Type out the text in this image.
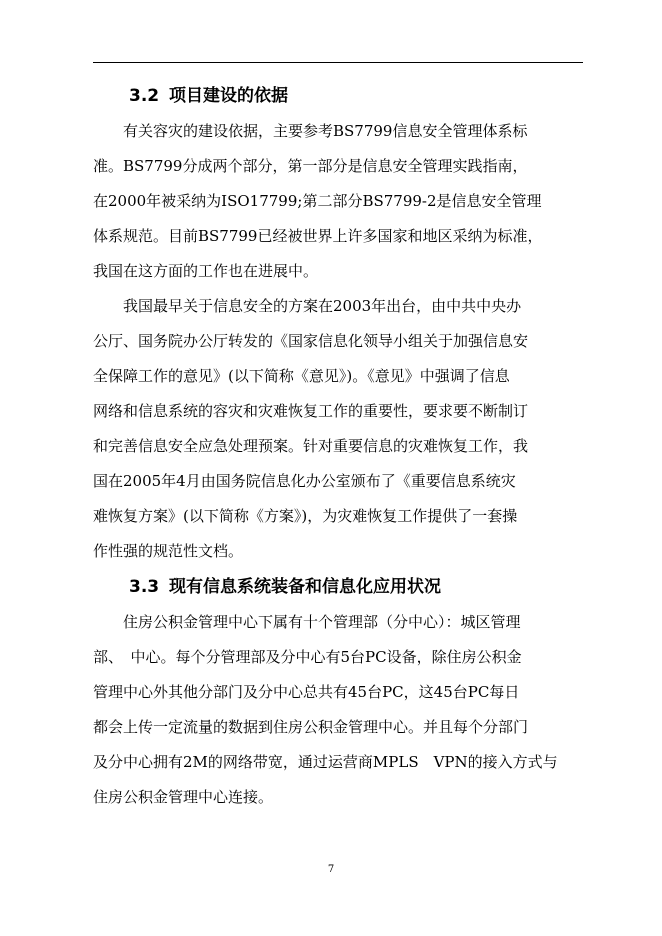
3.2 项目建设的依据

　　有关容灾的建设依据，主要参考BS7799信息安全管理体系标
准。BS7799分成两个部分，第一部分是信息安全管理实践指南，
在2000年被采纳为ISO17799;第二部分BS7799-2是信息安全管理
体系规范。目前BS7799已经被世界上许多国家和地区采纳为标准，
我国在这方面的工作也在进展中。

　　我国最早关于信息安全的方案在2003年出台，由中共中央办
公厅、国务院办公厅转发的《国家信息化领导小组关于加强信息安
全保障工作的意见》(以下简称《意见》)。《意见》中强调了信息
网络和信息系统的容灾和灾难恢复工作的重要性，要求要不断制订
和完善信息安全应急处理预案。针对重要信息的灾难恢复工作，我
国在2005年4月由国务院信息化办公室颁布了《重要信息系统灾
难恢复方案》(以下简称《方案》)，为灾难恢复工作提供了一套操
作性强的规范性文档。

3.3 现有信息系统装备和信息化应用状况

　　住房公积金管理中心下属有十个管理部（分中心）：城区管理
部、　中心。每个分管理部及分中心有5台PC设备，除住房公积金
管理中心外其他分部门及分中心总共有45台PC，这45台PC每日
都会上传一定流量的数据到住房公积金管理中心。并且每个分部门
及分中心拥有2M的网络带宽，通过运营商MPLS　VPN的接入方式与
住房公积金管理中心连接。

7
